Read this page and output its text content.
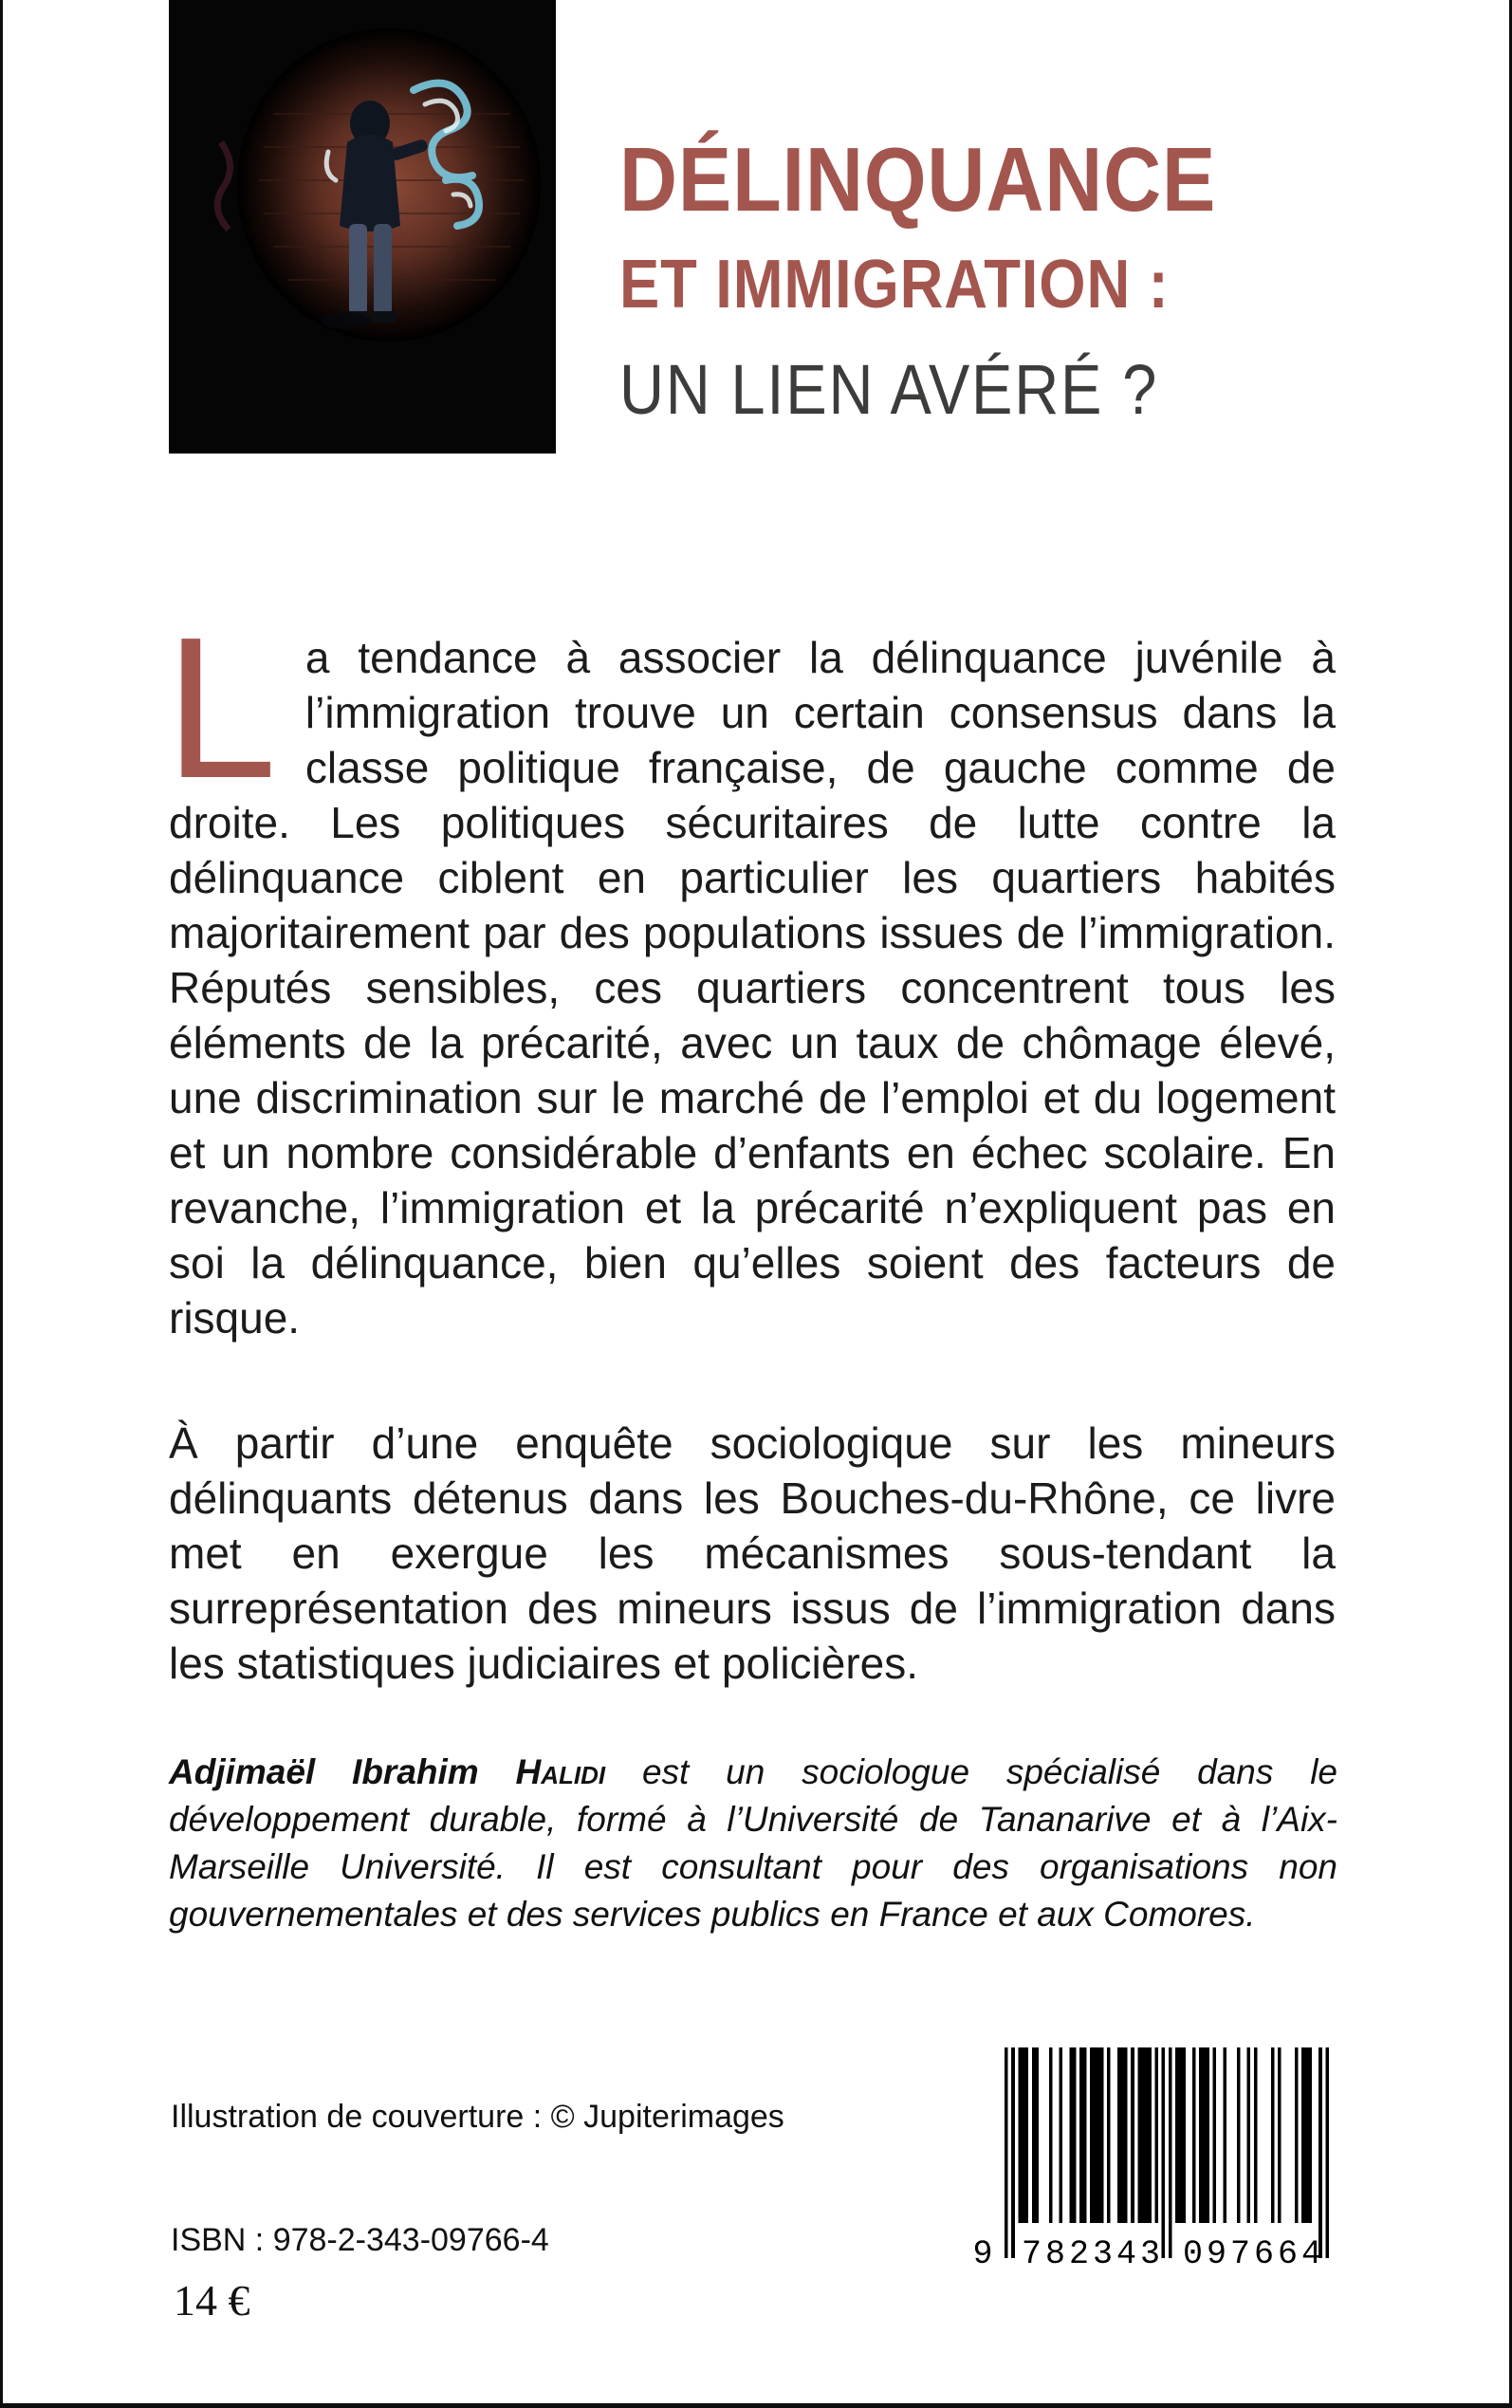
DÉLINQUANCE
ET IMMIGRATION :
UN LIEN AVÉRÉ ?

La tendance à associer la délinquance juvénile à l’immigration trouve un certain consensus dans la classe politique française, de gauche comme de droite. Les politiques sécuritaires de lutte contre la délinquance ciblent en particulier les quartiers habités majoritairement par des populations issues de l’immigration. Réputés sensibles, ces quartiers concentrent tous les éléments de la précarité, avec un taux de chômage élevé, une discrimination sur le marché de l’emploi et du logement et un nombre considérable d’enfants en échec scolaire. En revanche, l’immigration et la précarité n’expliquent pas en soi la délinquance, bien qu’elles soient des facteurs de risque.

À partir d’une enquête sociologique sur les mineurs délinquants détenus dans les Bouches-du-Rhône, ce livre met en exergue les mécanismes sous-tendant la surreprésentation des mineurs issus de l’immigration dans les statistiques judiciaires et policières.

Adjimaël Ibrahim Halidi est un sociologue spécialisé dans le développement durable, formé à l’Université de Tananarive et à l’Aix-Marseille Université. Il est consultant pour des organisations non gouvernementales et des services publics en France et aux Comores.

Illustration de couverture : © Jupiterimages
ISBN : 978-2-343-09766-4
14 €
9 782343 097664
